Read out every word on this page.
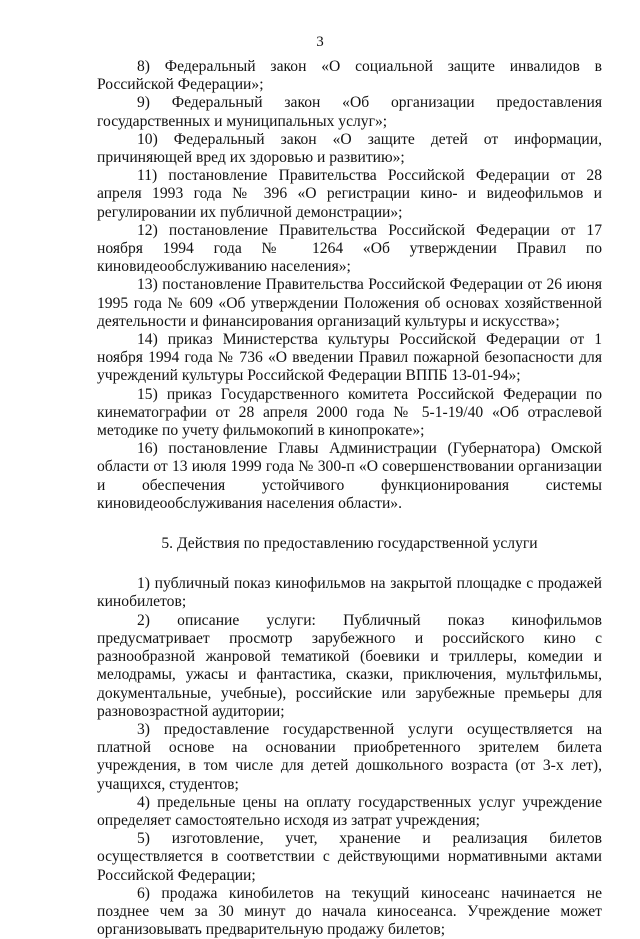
3

8) Федеральный закон «О социальной защите инвалидов в Российской Федерации»;

9) Федеральный закон «Об организации предоставления государственных и муниципальных услуг»;

10) Федеральный закон «О защите детей от информации, причиняющей вред их здоровью и развитию»;

11) постановление Правительства Российской Федерации от 28 апреля 1993 года № 396 «О регистрации кино- и видеофильмов и регулировании их публичной демонстрации»;

12) постановление Правительства Российской Федерации от 17 ноября 1994 года № 1264 «Об утверждении Правил по киновидеообслуживанию населения»;

13) постановление Правительства Российской Федерации от 26 июня 1995 года № 609 «Об утверждении Положения об основах хозяйственной деятельности и финансирования организаций культуры и искусства»;

14) приказ Министерства культуры Российской Федерации от 1 ноября 1994 года № 736 «О введении Правил пожарной безопасности для учреждений культуры Российской Федерации ВППБ 13-01-94»;

15) приказ Государственного комитета Российской Федерации по кинематографии от 28 апреля 2000 года № 5-1-19/40 «Об отраслевой методике по учету фильмокопий в кинопрокате»;

16) постановление Главы Администрации (Губернатора) Омской области от 13 июля 1999 года № 300-п «О совершенствовании организации и обеспечения устойчивого функционирования системы киновидеообслуживания населения области».

5. Действия по предоставлению государственной услуги

1) публичный показ кинофильмов на закрытой площадке с продажей кинобилетов;

2) описание услуги: Публичный показ кинофильмов предусматривает просмотр зарубежного и российского кино с разнообразной жанровой тематикой (боевики и триллеры, комедии и мелодрамы, ужасы и фантастика, сказки, приключения, мультфильмы, документальные, учебные), российские или зарубежные премьеры для разновозрастной аудитории;

3) предоставление государственной услуги осуществляется на платной основе на основании приобретенного зрителем билета учреждения, в том числе для детей дошкольного возраста (от 3-х лет), учащихся, студентов;

4) предельные цены на оплату государственных услуг учреждение определяет самостоятельно исходя из затрат учреждения;

5) изготовление, учет, хранение и реализация билетов осуществляется в соответствии с действующими нормативными актами Российской Федерации;

6) продажа кинобилетов на текущий киносеанс начинается не позднее чем за 30 минут до начала киносеанса. Учреждение может организовывать предварительную продажу билетов;
